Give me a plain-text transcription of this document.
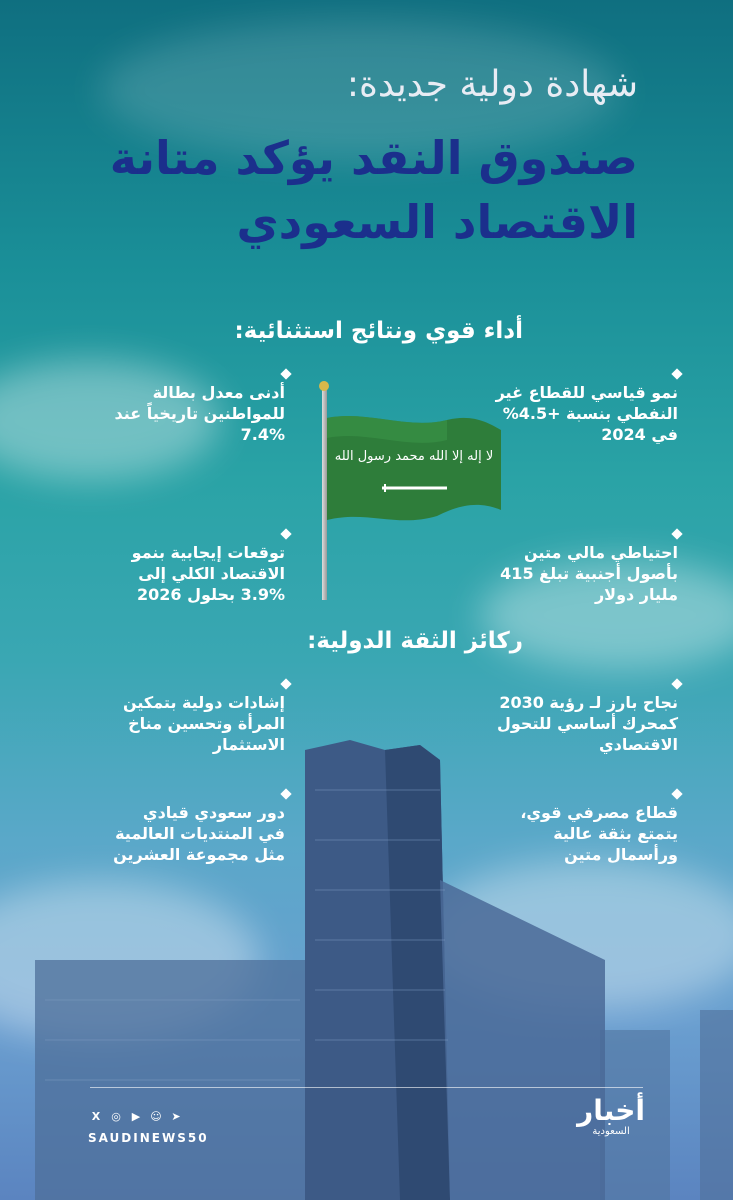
شهادة دولية جديدة:
صندوق النقد يؤكد متانة
الاقتصاد السعودي
أداء قوي ونتائج استثنائية:
نمو قياسي للقطاع غير
النفطي بنسبة +4.5%
في 2024
أدنى معدل بطالة
للمواطنين تاريخياً عند
7.4%
احتياطي مالي متين
بأصول أجنبية تبلغ 415
مليار دولار
توقعات إيجابية بنمو
الاقتصاد الكلي إلى
3.9% بحلول 2026
لا إله إلا الله محمد رسول الله
ركائز الثقة الدولية:
نجاح بارز لـ رؤية 2030
كمحرك أساسي للتحول
الاقتصادي
إشادات دولية بتمكين
المرأة وتحسين مناخ
الاستثمار
قطاع مصرفي قوي،
يتمتع بثقة عالية
ورأسمال متين
دور سعودي قيادي
في المنتديات العالمية
مثل مجموعة العشرين
X ◎ ▶ ☺ ➤
SAUDINEWS50
أخبار
السعودية
